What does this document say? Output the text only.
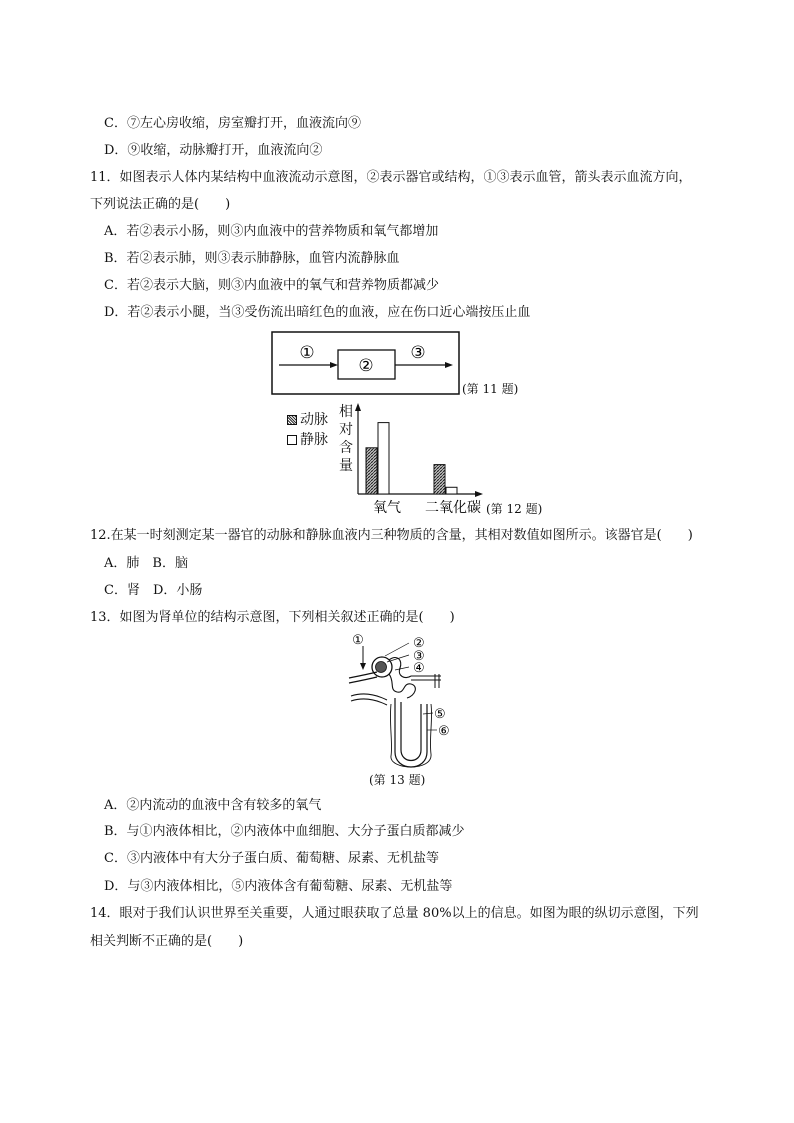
C．⑦左心房收缩，房室瓣打开，血液流向⑨
D．⑨收缩，动脉瓣打开，血液流向②
11．如图表示人体内某结构中血液流动示意图，②表示器官或结构，①③表示血管，箭头表示血流方向，
下列说法正确的是(　　)
A．若②表示小肠，则③内血液中的营养物质和氧气都增加
B．若②表示肺，则③表示肺静脉，血管内流静脉血
C．若②表示大脑，则③内血液中的氧气和营养物质都减少
D．若②表示小腿，当③受伤流出暗红色的血液，应在伤口近心端按压止血
①
②
③
(第 11 题)
动脉
静脉
相
对
含
量
氧气 二氧化碳 (第 12 题)
12.在某一时刻测定某一器官的动脉和静脉血液内三种物质的含量，其相对数值如图所示。该器官是(　　)
A．肺　B．脑
C．肾　D．小肠
13．如图为肾单位的结构示意图，下列相关叙述正确的是(　　)
①	②
③
④
⑤
⑥
(第 13 题)
A．②内流动的血液中含有较多的氧气
B．与①内液体相比，②内液体中血细胞、大分子蛋白质都减少
C．③内液体中有大分子蛋白质、葡萄糖、尿素、无机盐等
D．与③内液体相比，⑤内液体含有葡萄糖、尿素、无机盐等
14．眼对于我们认识世界至关重要，人通过眼获取了总量 80%以上的信息。如图为眼的纵切示意图，下列
相关判断不正确的是(　　)
